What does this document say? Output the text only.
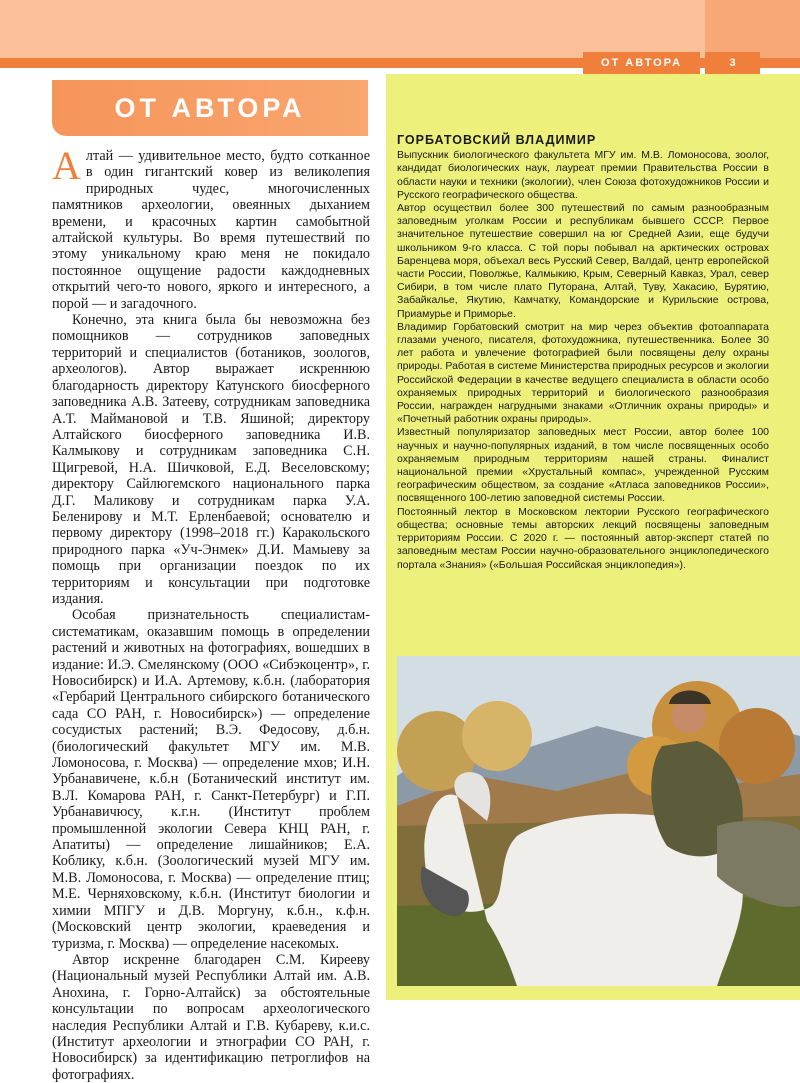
ОТ АВТОРА	3
ОТ АВТОРА

Алтай — удивительное место, будто сотканное в один гигантский ковер из великолепия природных чудес, многочисленных памятников археологии, овеянных дыханием времени, и красочных картин самобытной алтайской культуры. Во время путешествий по этому уникальному краю меня не покидало постоянное ощущение радости каждодневных открытий чего-то нового, яркого и интересного, а порой — и загадочного.

Конечно, эта книга была бы невозможна без помощников — сотрудников заповедных территорий и специалистов (ботаников, зоологов, археологов). Автор выражает искреннюю благодарность директору Катунского биосферного заповедника А.В. Затееву, сотрудникам заповедника А.Т. Маймановой и Т.В. Яшиной; директору Алтайского биосферного заповедника И.В. Калмыкову и сотрудникам заповедника С.Н. Щигревой, Н.А. Шичковой, Е.Д. Веселовскому; директору Сайлюгемского национального парка Д.Г. Маликову и сотрудникам парка У.А. Беленирову и М.Т. Ерленбаевой; основателю и первому директору (1998–2018 гг.) Каракольского природного парка «Уч-Энмек» Д.И. Мамыеву за помощь при организации поездок по их территориям и консультации при подготовке издания.

Особая признательность специалистам-систематикам, оказавшим помощь в определении растений и животных на фотографиях, вошедших в издание: И.Э. Смелянскому (ООО «Сибэкоцентр», г. Новосибирск) и И.А. Артемову, к.б.н. (лаборатория «Гербарий Центрального сибирского ботанического сада СО РАН, г. Новосибирск») — определение сосудистых растений; В.Э. Федосову, д.б.н. (биологический факультет МГУ им. М.В. Ломоносова, г. Москва) — определение мхов; И.Н. Урбанавичене, к.б.н (Ботанический институт им. В.Л. Комарова РАН, г. Санкт-Петербург) и Г.П. Урбанавичюсу, к.г.н. (Институт проблем промышленной экологии Севера КНЦ РАН, г. Апатиты) — определение лишайников; Е.А. Коблику, к.б.н. (Зоологический музей МГУ им. М.В. Ломоносова, г. Москва) — определение птиц; М.Е. Черняховскому, к.б.н. (Институт биологии и химии МПГУ и Д.В. Моргуну, к.б.н., к.ф.н. (Московский центр экологии, краеведения и туризма, г. Москва) — определение насекомых.

Автор искренне благодарен С.М. Кирееву (Национальный музей Республики Алтай им. А.В. Анохина, г. Горно-Алтайск) за обстоятельные консультации по вопросам археологического наследия Республики Алтай и Г.В. Кубареву, к.и.с. (Институт археологии и этнографии СО РАН, г. Новосибирск) за идентификацию петроглифов на фотографиях.

ГОРБАТОВСКИЙ ВЛАДИМИР

Выпускник биологического факультета МГУ им. М.В. Ломоносова, зоолог, кандидат биологических наук, лауреат премии Правительства России в области науки и техники (экологии), член Союза фотохудожников России и Русского географического общества.

Автор осуществил более 300 путешествий по самым разнообразным заповедным уголкам России и республикам бывшего СССР. Первое значительное путешествие совершил на юг Средней Азии, еще будучи школьником 9-го класса. С той поры побывал на арктических островах Баренцева моря, объехал весь Русский Север, Валдай, центр европейской части России, Поволжье, Калмыкию, Крым, Северный Кавказ, Урал, север Сибири, в том числе плато Путорана, Алтай, Туву, Хакасию, Бурятию, Забайкалье, Якутию, Камчатку, Командорские и Курильские острова, Приамурье и Приморье.

Владимир Горбатовский смотрит на мир через объектив фотоаппарата глазами ученого, писателя, фотохудожника, путешественника. Более 30 лет работа и увлечение фотографией были посвящены делу охраны природы. Работая в системе Министерства природных ресурсов и экологии Российской Федерации в качестве ведущего специалиста в области особо охраняемых природных территорий и биологического разнообразия России, награжден нагрудными знаками «Отличник охраны природы» и «Почетный работник охраны природы».

Известный популяризатор заповедных мест России, автор более 100 научных и научно-популярных изданий, в том числе посвященных особо охраняемым природным территориям нашей страны. Финалист национальной премии «Хрустальный компас», учрежденной Русским географическим обществом, за создание «Атласа заповедников России», посвященного 100-летию заповедной системы России.

Постоянный лектор в Московском лектории Русского географического общества; основные темы авторских лекций посвящены заповедным территориям России. С 2020 г. — постоянный автор-эксперт статей по заповедным местам России научно-образовательного энциклопедического портала «Знания» («Большая Российская энциклопедия»).
